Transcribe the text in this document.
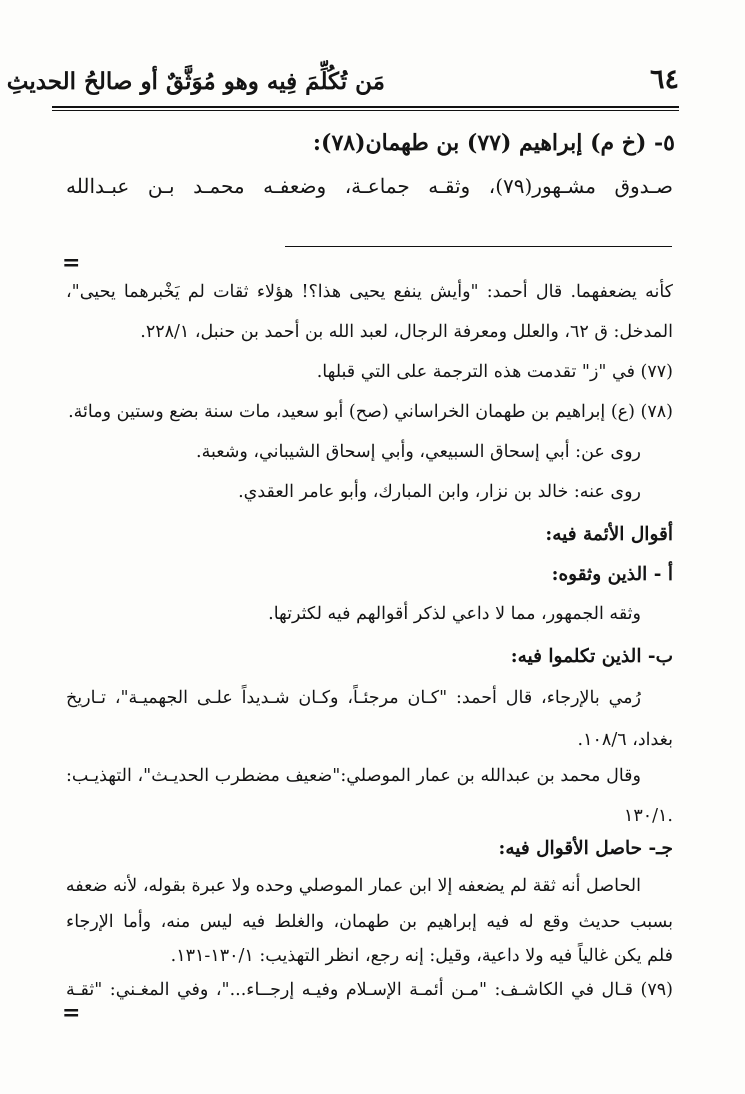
٦٤
مَن تُكُلِّمَ فِيه وهو مُوَثَّقٌ أو صالحُ الحديثِ
٥- (خ م) إبراهيم (٧٧) بن طهمان(٧٨):
صـدوق مشـهور(٧٩)، وثقـه جماعـة، وضعفـه محمـد بـن عبـدالله
=
كأنه يضعفهما. قال أحمد: "وأيش ينفع يحيى هذا؟! هؤلاء ثقات لم يَخْبرهما يحيى"،
المدخل: ق ٦٢، والعلل ومعرفة الرجال، لعبد الله بن أحمد بن حنبل، ٢٢٨/١.
(٧٧) في "ز" تقدمت هذه الترجمة على التي قبلها.
(٧٨) (ع) إبراهيم بن طهمان الخراساني (صح) أبو سعيد، مات سنة بضع وستين ومائة.
روى عن: أبي إسحاق السبيعي، وأبي إسحاق الشيباني، وشعبة.
روى عنه: خالد بن نزار، وابن المبارك، وأبو عامر العقدي.
أقوال الأئمة فيه:
أ - الذين وثقوه:
وثقه الجمهور، مما لا داعي لذكر أقوالهم فيه لكثرتها.
ب- الذين تكلموا فيه:
رُمي بالإرجاء، قال أحمد: "كـان مرجئـاً، وكـان شـديداً علـى الجهميـة"، تـاريخ
بغداد، ١٠٨/٦.
وقال محمد بن عبدالله بن عمار الموصلي:"ضعيف مضطرب الحديـث"، التهذيـب:
١٣٠/١.
جـ- حاصل الأقوال فيه:
الحاصل أنه ثقة لم يضعفه إلا ابن عمار الموصلي وحده ولا عبرة بقوله، لأنه ضعفه
بسبب حديث وقع له فيه إبراهيم بن طهمان، والغلط فيه ليس منه، وأما الإرجاء
فلم يكن غالياً فيه ولا داعية، وقيل: إنه رجع، انظر التهذيب: ١٣٠/١-١٣١.
(٧٩) قـال في الكاشـف: "مـن أئمـة الإسـلام وفيـه إرجــاء..."، وفي المغـني: "ثقـة
=
